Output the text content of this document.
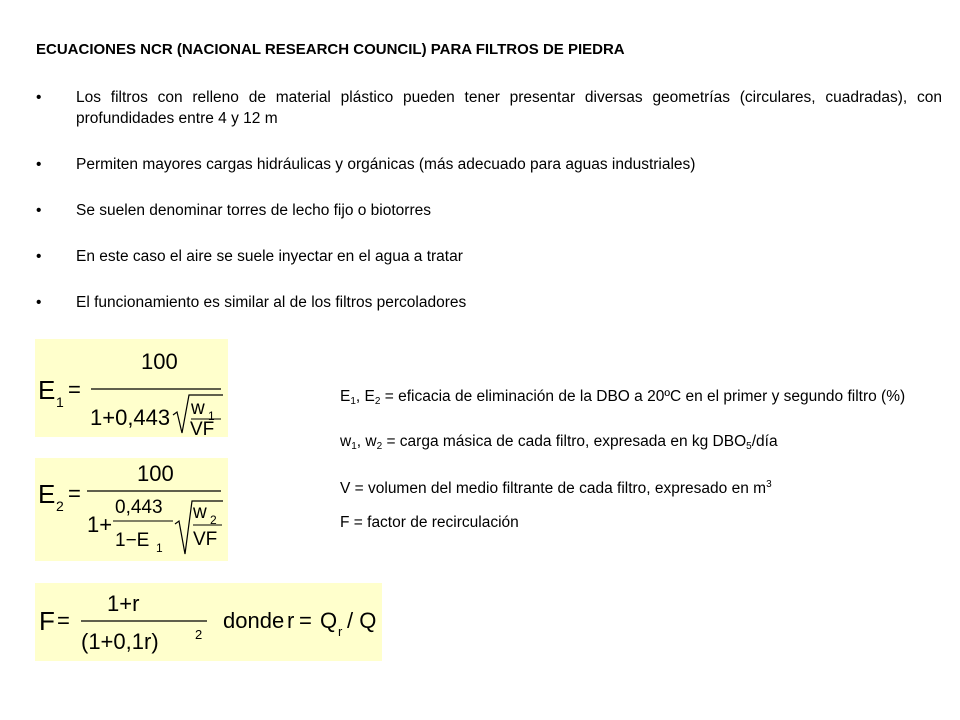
ECUACIONES NCR (NACIONAL RESEARCH COUNCIL) PARA FILTROS DE PIEDRA
• Los filtros con relleno de material plástico pueden tener presentar diversas geometrías (circulares, cuadradas), con profundidades entre 4 y 12 m
• Permiten mayores cargas hidráulicas y orgánicas (más adecuado para aguas industriales)
• Se suelen denominar torres de lecho fijo o biotorres
• En este caso el aire se suele inyectar en el agua a tratar
• El funcionamiento es similar al de los filtros percoladores
E 1 =
100
1+0,443 w 1
VF
E 2 =
100
1+
0,443
1−E 1
w 2
VF
F =
1+r
(1+0,1r)	2
donde r = Q r / Q

$E_1$, $E_2$ = eficacia de eliminación de la DBO a 20ºC en el primer y segundo filtro (%)

$w_1$, $w_2$ = carga másica de cada filtro, expresada en kg $DBO_5$/día

V = volumen del medio filtrante de cada filtro, expresado en $m^3$

F = factor de recirculación
